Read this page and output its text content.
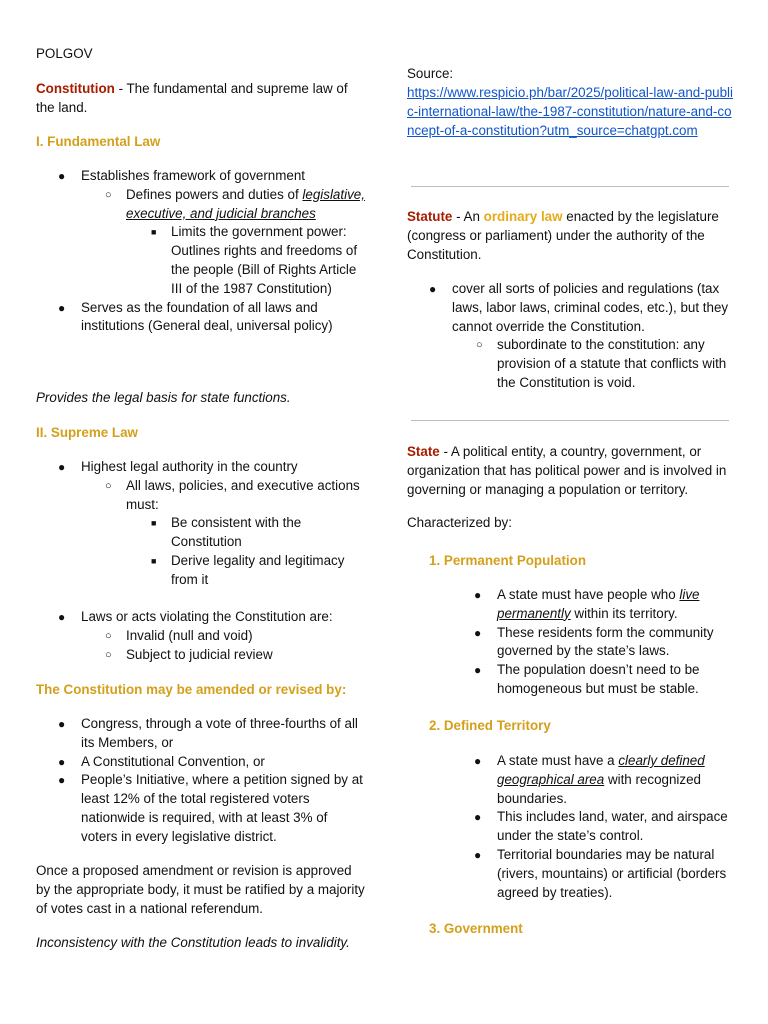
POLGOV

Constitution - The fundamental and supreme law of the land.

I. Fundamental Law

● Establishes framework of government
○ Defines powers and duties of legislative, executive, and judicial branches
■ Limits the government power: Outlines rights and freedoms of the people (Bill of Rights Article III of the 1987 Constitution)
● Serves as the foundation of all laws and institutions (General deal, universal policy)

Provides the legal basis for state functions.

II. Supreme Law

● Highest legal authority in the country
○ All laws, policies, and executive actions must:
■ Be consistent with the Constitution
■ Derive legality and legitimacy from it
● Laws or acts violating the Constitution are:
○ Invalid (null and void)
○ Subject to judicial review

The Constitution may be amended or revised by:

● Congress, through a vote of three-fourths of all its Members, or
● A Constitutional Convention, or
● People’s Initiative, where a petition signed by at least 12% of the total registered voters nationwide is required, with at least 3% of voters in every legislative district.

Once a proposed amendment or revision is approved by the appropriate body, it must be ratified by a majority of votes cast in a national referendum.

Inconsistency with the Constitution leads to invalidity.

Source:

https://www.respicio.ph/bar/2025/political-law-and-public-international-law/the-1987-constitution/nature-and-concept-of-a-constitution?utm_source=chatgpt.com

Statute - An ordinary law enacted by the legislature (congress or parliament) under the authority of the Constitution.

● cover all sorts of policies and regulations (tax laws, labor laws, criminal codes, etc.), but they cannot override the Constitution.
○ subordinate to the constitution: any provision of a statute that conflicts with the Constitution is void.

State - A political entity, a country, government, or organization that has political power and is involved in governing or managing a population or territory.

Characterized by:

1. Permanent Population

● A state must have people who live permanently within its territory.
● These residents form the community governed by the state’s laws.
● The population doesn’t need to be homogeneous but must be stable.

2. Defined Territory

● A state must have a clearly defined geographical area with recognized boundaries.
● This includes land, water, and airspace under the state’s control.
● Territorial boundaries may be natural (rivers, mountains) or artificial (borders agreed by treaties).

3. Government
